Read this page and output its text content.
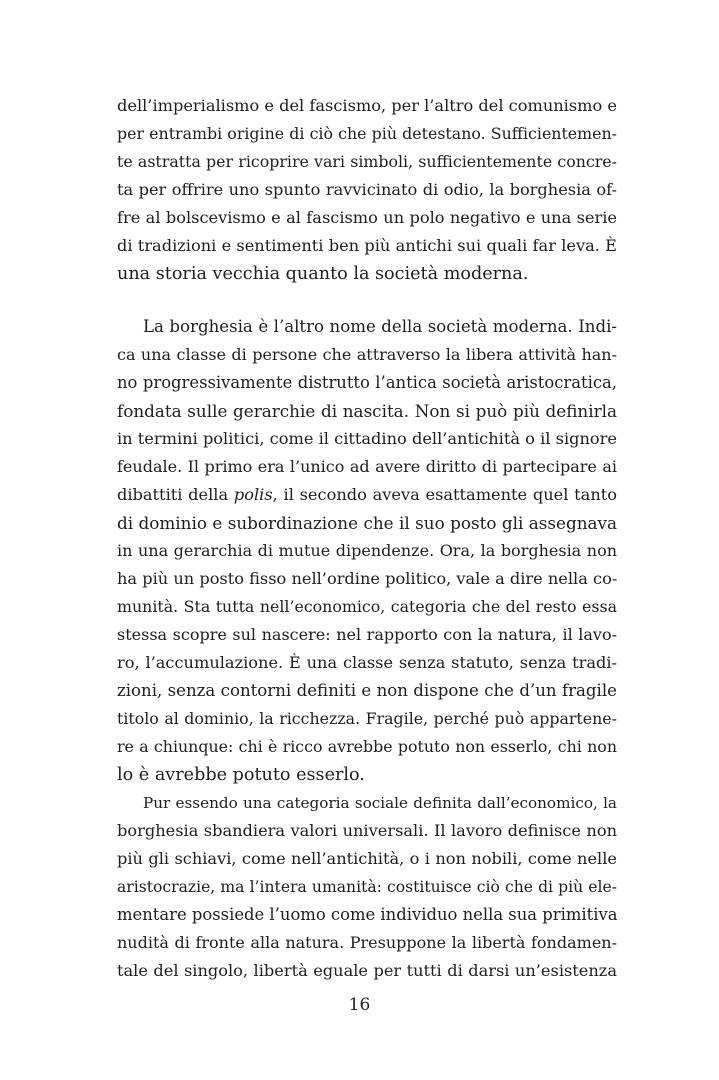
dell’imperialismo e del fascismo, per l’altro del comunismo e
per entrambi origine di ciò che più detestano. Sufficientemen-
te astratta per ricoprire vari simboli, sufficientemente concre-
ta per offrire uno spunto ravvicinato di odio, la borghesia of-
fre al bolscevismo e al fascismo un polo negativo e una serie
di tradizioni e sentimenti ben più antichi sui quali far leva. È
una storia vecchia quanto la società moderna.
La borghesia è l’altro nome della società moderna. Indi-
ca una classe di persone che attraverso la libera attività han-
no progressivamente distrutto l’antica società aristocratica,
fondata sulle gerarchie di nascita. Non si può più definirla
in termini politici, come il cittadino dell’antichità o il signore
feudale. Il primo era l’unico ad avere diritto di partecipare ai
dibattiti della polis, il secondo aveva esattamente quel tanto
di dominio e subordinazione che il suo posto gli assegnava
in una gerarchia di mutue dipendenze. Ora, la borghesia non
ha più un posto fisso nell’ordine politico, vale a dire nella co-
munità. Sta tutta nell’economico, categoria che del resto essa
stessa scopre sul nascere: nel rapporto con la natura, il lavo-
ro, l’accumulazione. È una classe senza statuto, senza tradi-
zioni, senza contorni definiti e non dispone che d’un fragile
titolo al dominio, la ricchezza. Fragile, perché può appartene-
re a chiunque: chi è ricco avrebbe potuto non esserlo, chi non
lo è avrebbe potuto esserlo.
Pur essendo una categoria sociale definita dall’economico, la
borghesia sbandiera valori universali. Il lavoro definisce non
più gli schiavi, come nell’antichità, o i non nobili, come nelle
aristocrazie, ma l’intera umanità: costituisce ciò che di più ele-
mentare possiede l’uomo come individuo nella sua primitiva
nudità di fronte alla natura. Presuppone la libertà fondamen-
tale del singolo, libertà eguale per tutti di darsi un’esistenza
16
